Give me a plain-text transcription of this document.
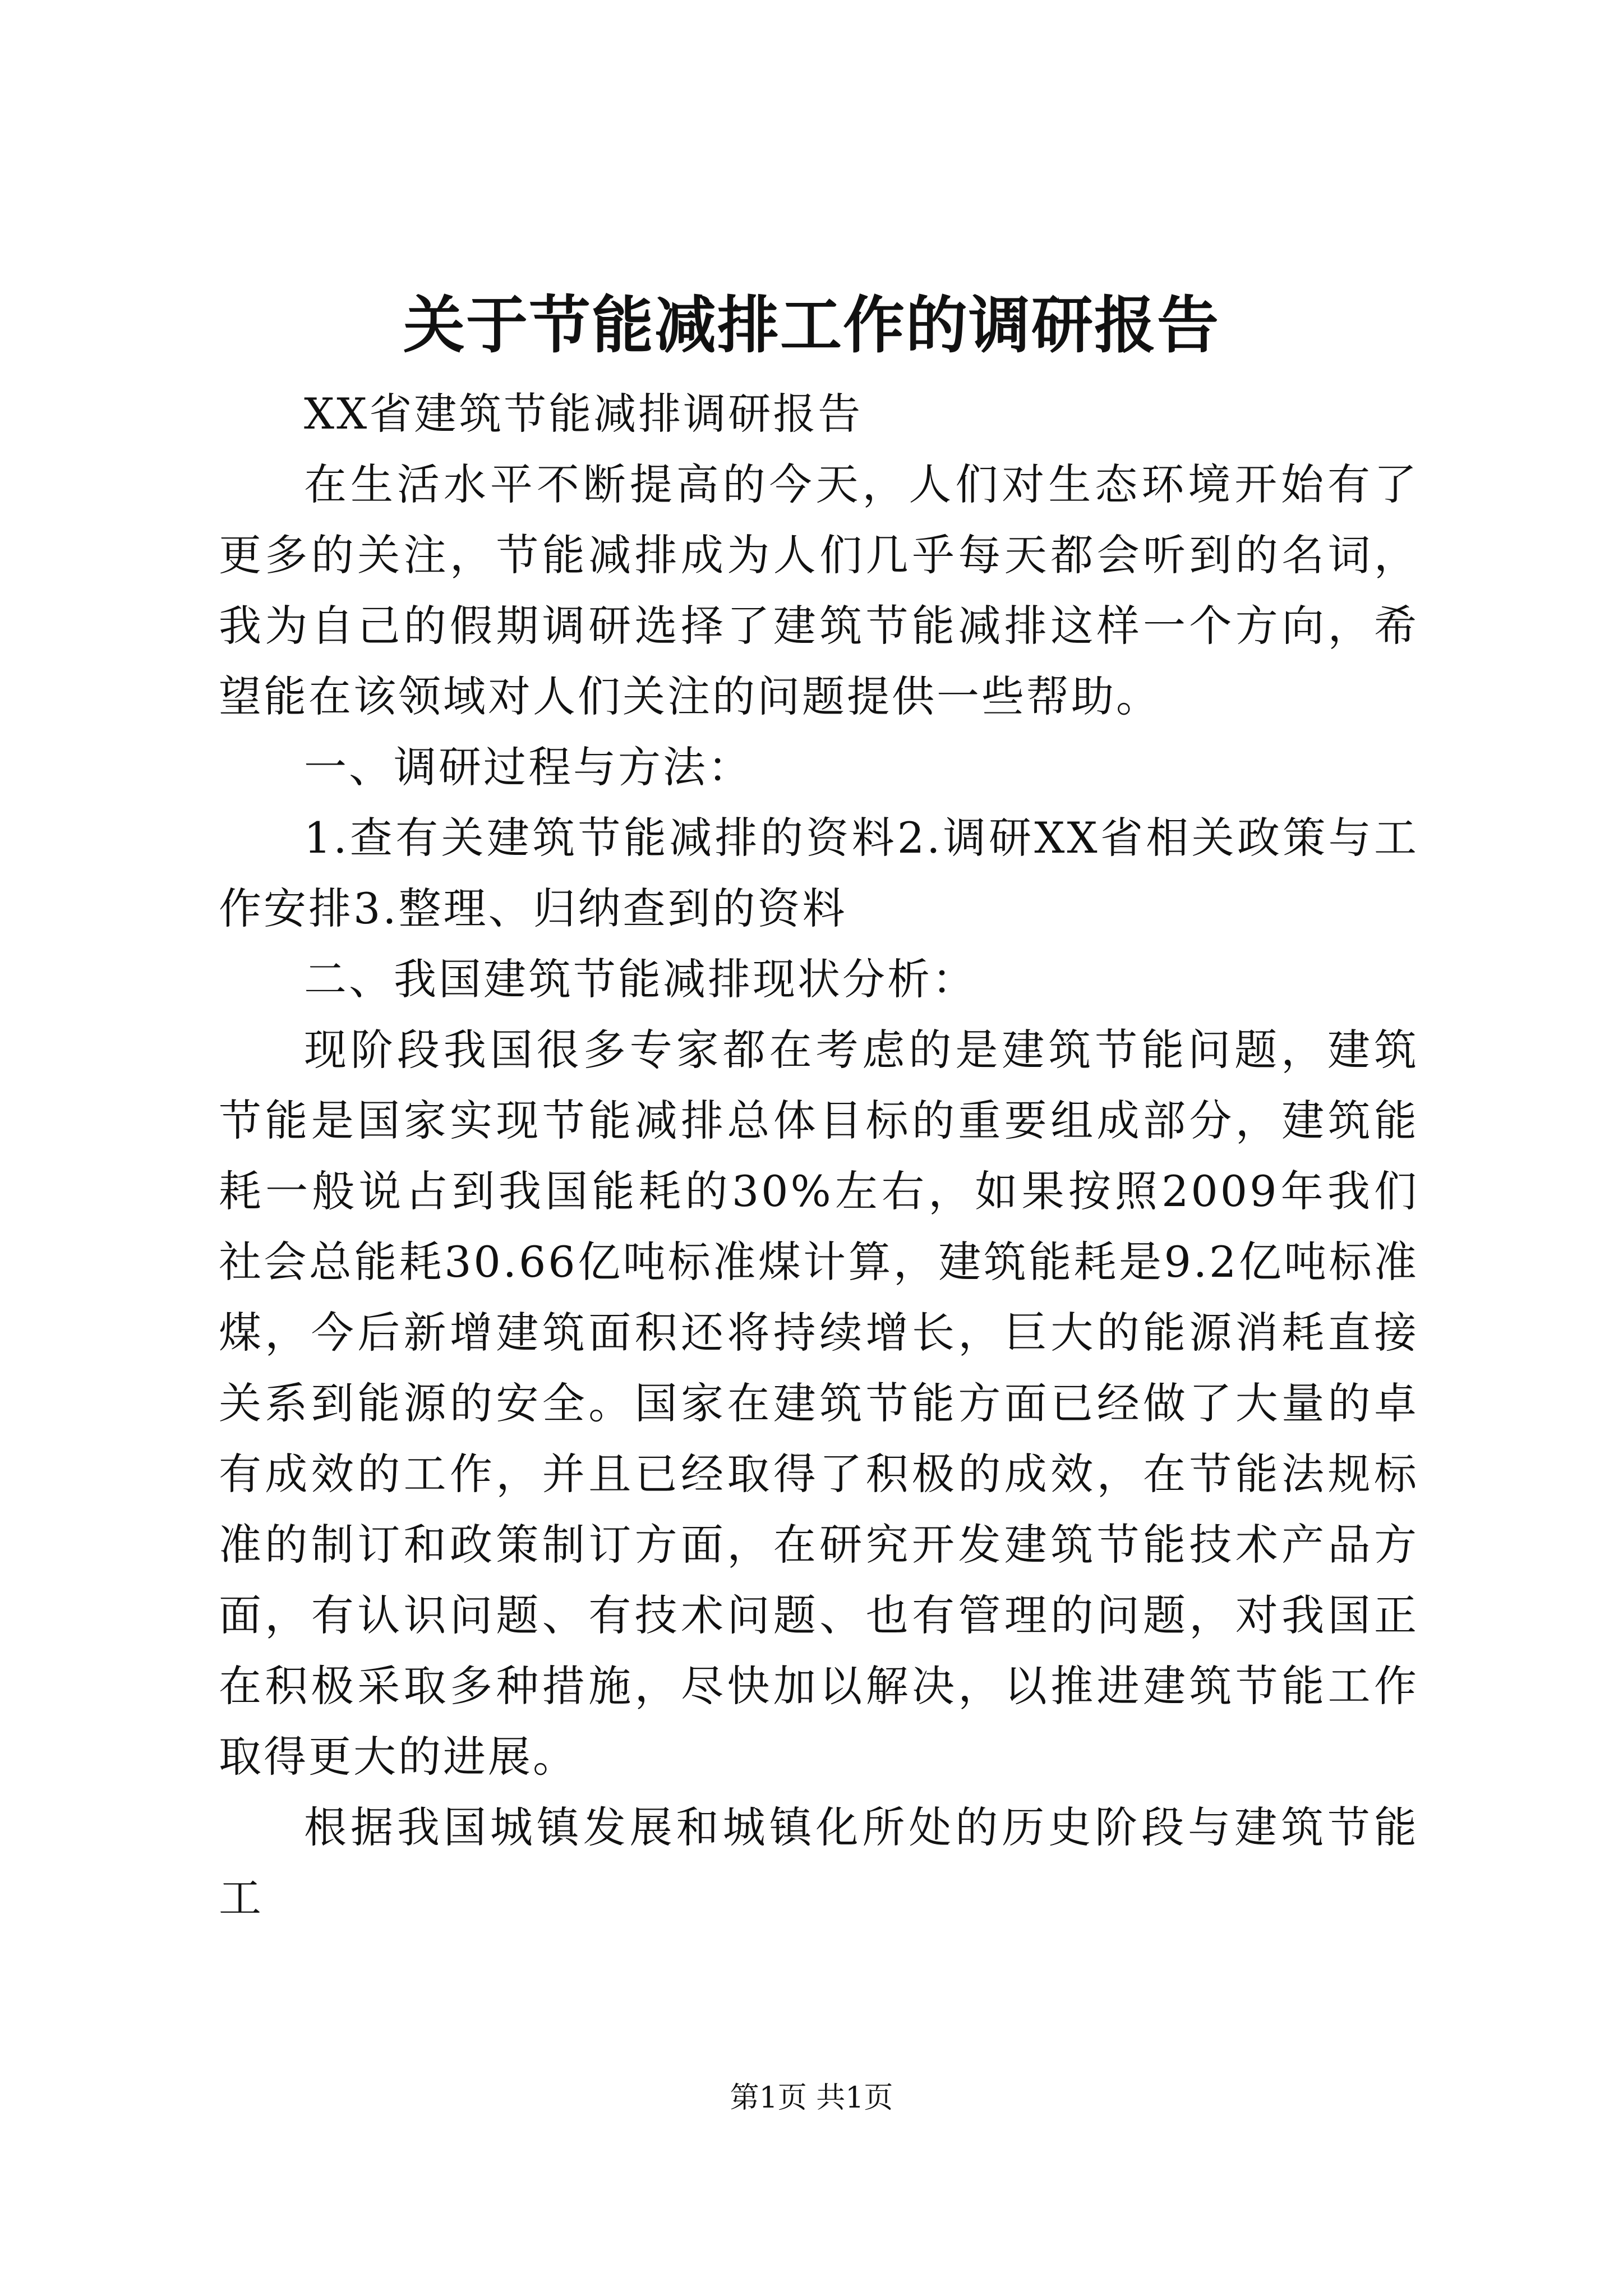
关于节能减排工作的调研报告

XX省建筑节能减排调研报告

在生活水平不断提高的今天，人们对生态环境开始有了更多的关注，节能减排成为人们几乎每天都会听到的名词，我为自己的假期调研选择了建筑节能减排这样一个方向，希望能在该领域对人们关注的问题提供一些帮助。

一、调研过程与方法：

1.查有关建筑节能减排的资料2.调研XX省相关政策与工作安排3.整理、归纳查到的资料

二、我国建筑节能减排现状分析：

现阶段我国很多专家都在考虑的是建筑节能问题，建筑节能是国家实现节能减排总体目标的重要组成部分，建筑能耗一般说占到我国能耗的30%左右，如果按照2009年我们社会总能耗30.66亿吨标准煤计算，建筑能耗是9.2亿吨标准煤，今后新增建筑面积还将持续增长，巨大的能源消耗直接关系到能源的安全。国家在建筑节能方面已经做了大量的卓有成效的工作，并且已经取得了积极的成效，在节能法规标准的制订和政策制订方面，在研究开发建筑节能技术产品方面，有认识问题、有技术问题、也有管理的问题，对我国正在积极采取多种措施，尽快加以解决，以推进建筑节能工作取得更大的进展。

根据我国城镇发展和城镇化所处的历史阶段与建筑节能工

第1页 共1页
